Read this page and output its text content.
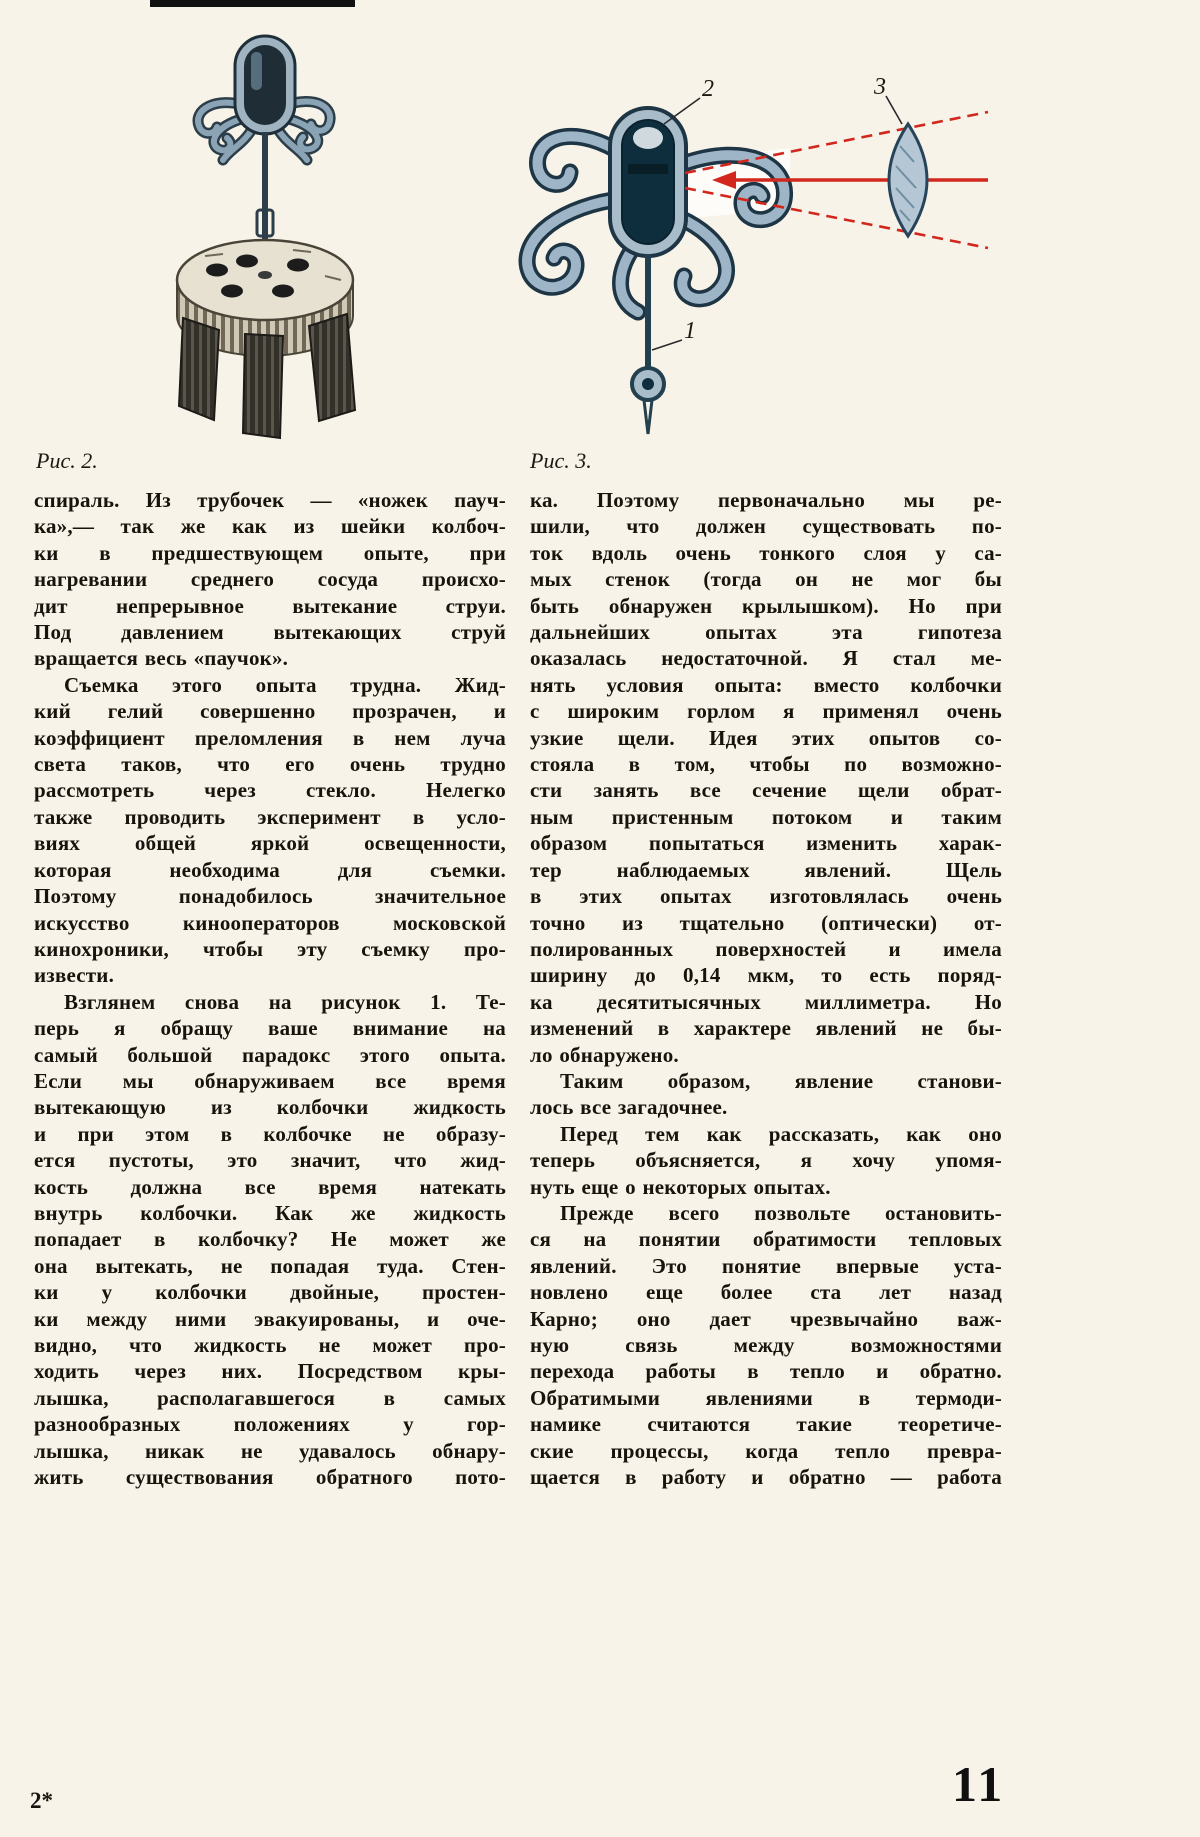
2
1
3
Рис. 2.	Рис. 3.
спираль. Из трубочек — «ножек пауч-
ка»,— так же как из шейки колбоч-
ки в предшествующем опыте, при
нагревании среднего сосуда происхо-
дит непрерывное вытекание струи.
Под давлением вытекающих струй
вращается весь «паучок».
Съемка этого опыта трудна. Жид-
кий гелий совершенно прозрачен, и
коэффициент преломления в нем луча
света таков, что его очень трудно
рассмотреть через стекло. Нелегко
также проводить эксперимент в усло-
виях общей яркой освещенности,
которая необходима для съемки.
Поэтому понадобилось значительное
искусство кинооператоров московской
кинохроники, чтобы эту съемку про-
извести.
Взглянем снова на рисунок 1. Те-
перь я обращу ваше внимание на
самый большой парадокс этого опыта.
Если мы обнаруживаем все время
вытекающую из колбочки жидкость
и при этом в колбочке не образу-
ется пустоты, это значит, что жид-
кость должна все время натекать
внутрь колбочки. Как же жидкость
попадает в колбочку? Не может же
она вытекать, не попадая туда. Стен-
ки у колбочки двойные, простен-
ки между ними эвакуированы, и оче-
видно, что жидкость не может про-
ходить через них. Посредством кры-
лышка, располагавшегося в самых
разнообразных положениях у гор-
лышка, никак не удавалось обнару-
жить существования обратного пото-
ка. Поэтому первоначально мы ре-
шили, что должен существовать по-
ток вдоль очень тонкого слоя у са-
мых стенок (тогда он не мог бы
быть обнаружен крылышком). Но при
дальнейших опытах эта гипотеза
оказалась недостаточной. Я стал ме-
нять условия опыта: вместо колбочки
с широким горлом я применял очень
узкие щели. Идея этих опытов со-
стояла в том, чтобы по возможно-
сти занять все сечение щели обрат-
ным пристенным потоком и таким
образом попытаться изменить харак-
тер наблюдаемых явлений. Щель
в этих опытах изготовлялась очень
точно из тщательно (оптически) от-
полированных поверхностей и имела
ширину до 0,14 мкм, то есть поряд-
ка десятитысячных миллиметра. Но
изменений в характере явлений не бы-
ло обнаружено.
Таким образом, явление станови-
лось все загадочнее.
Перед тем как рассказать, как оно
теперь объясняется, я хочу упомя-
нуть еще о некоторых опытах.
Прежде всего позвольте остановить-
ся на понятии обратимости тепловых
явлений. Это понятие впервые уста-
новлено еще более ста лет назад
Карно; оно дает чрезвычайно важ-
ную связь между возможностями
перехода работы в тепло и обратно.
Обратимыми явлениями в термоди-
намике считаются такие теоретиче-
ские процессы, когда тепло превра-
щается в работу и обратно — работа
2*	11
